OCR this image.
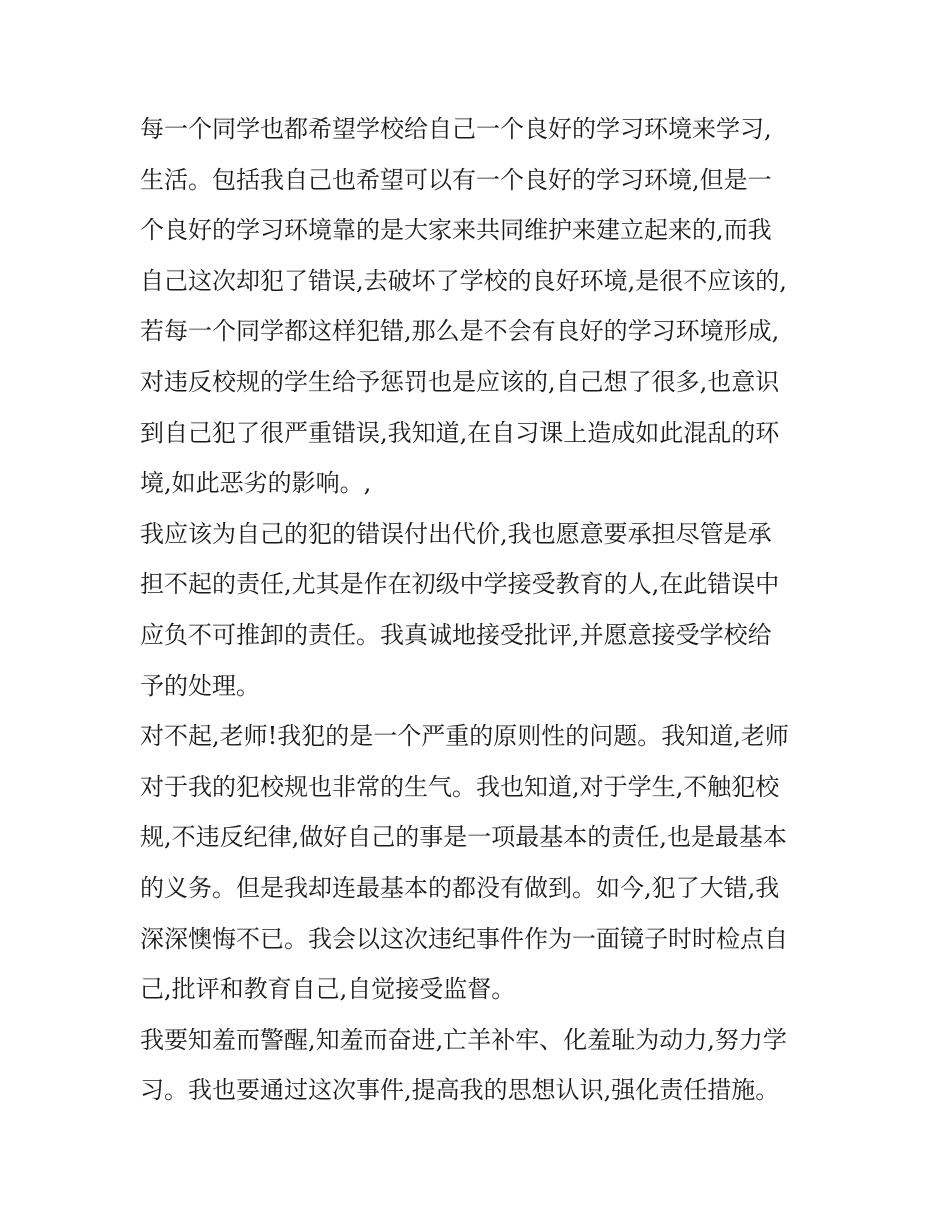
每一个同学也都希望学校给自己一个良好的学习环境来学习,
生活。包括我自己也希望可以有一个良好的学习环境,但是一
个良好的学习环境靠的是大家来共同维护来建立起来的,而我
自己这次却犯了错误,去破坏了学校的良好环境,是很不应该的,
若每一个同学都这样犯错,那么是不会有良好的学习环境形成,
对违反校规的学生给予惩罚也是应该的,自己想了很多,也意识
到自己犯了很严重错误,我知道,在自习课上造成如此混乱的环
境,如此恶劣的影响。,
我应该为自己的犯的错误付出代价,我也愿意要承担尽管是承
担不起的责任,尤其是作在初级中学接受教育的人,在此错误中
应负不可推卸的责任。我真诚地接受批评,并愿意接受学校给
予的处理。
对不起,老师!我犯的是一个严重的原则性的问题。我知道,老师
对于我的犯校规也非常的生气。我也知道,对于学生,不触犯校
规,不违反纪律,做好自己的事是一项最基本的责任,也是最基本
的义务。但是我却连最基本的都没有做到。如今,犯了大错,我
深深懊悔不已。我会以这次违纪事件作为一面镜子时时检点自
己,批评和教育自己,自觉接受监督。
我要知羞而警醒,知羞而奋进,亡羊补牢、化羞耻为动力,努力学
习。我也要通过这次事件,提高我的思想认识,强化责任措施。
